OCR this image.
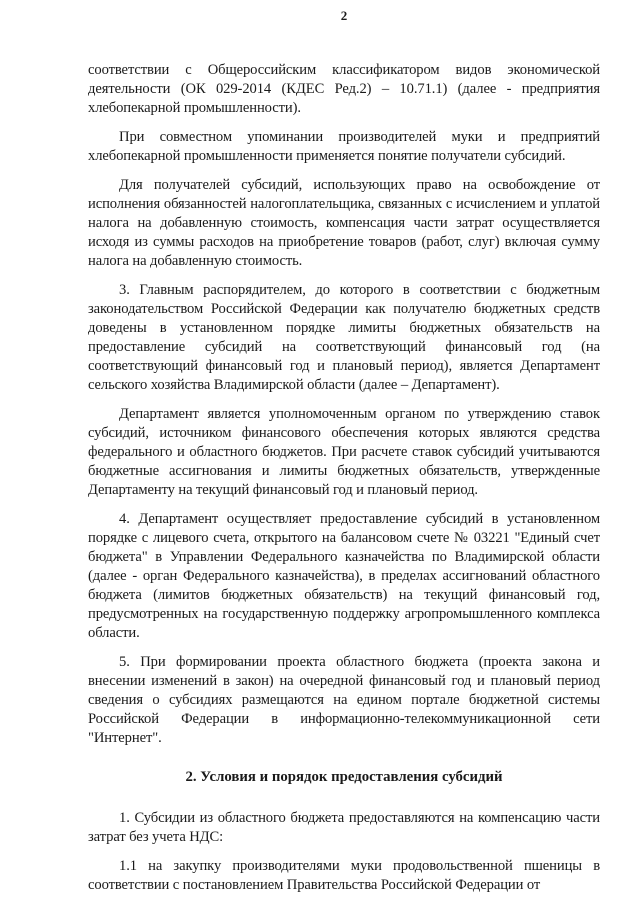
2

соответствии с Общероссийским классификатором видов экономической деятельности (ОК 029-2014 (КДЕС Ред.2) – 10.71.1) (далее - предприятия хлебопекарной промышленности).

При совместном упоминании производителей муки и предприятий хлебопекарной промышленности применяется понятие получатели субсидий.

Для получателей субсидий, использующих право на освобождение от исполнения обязанностей налогоплательщика, связанных с исчислением и уплатой налога на добавленную стоимость, компенсация части затрат осуществляется исходя из суммы расходов на приобретение товаров (работ, слуг) включая сумму налога на добавленную стоимость.

3. Главным распорядителем, до которого в соответствии с бюджетным законодательством Российской Федерации как получателю бюджетных средств доведены в установленном порядке лимиты бюджетных обязательств на предоставление субсидий на соответствующий финансовый год (на соответствующий финансовый год и плановый период), является Департамент сельского хозяйства Владимирской области (далее – Департамент).

Департамент является уполномоченным органом по утверждению ставок субсидий, источником финансового обеспечения которых являются средства федерального и областного бюджетов. При расчете ставок субсидий учитываются бюджетные ассигнования и лимиты бюджетных обязательств, утвержденные Департаменту на текущий финансовый год и плановый период.

4. Департамент осуществляет предоставление субсидий в установленном порядке с лицевого счета, открытого на балансовом счете № 03221 "Единый счет бюджета" в Управлении Федерального казначейства по Владимирской области (далее - орган Федерального казначейства), в пределах ассигнований областного бюджета (лимитов бюджетных обязательств) на текущий финансовый год, предусмотренных на государственную поддержку агропромышленного комплекса области.

5. При формировании проекта областного бюджета (проекта закона и внесении изменений в закон) на очередной финансовый год и плановый период сведения о субсидиях размещаются на едином портале бюджетной системы Российской Федерации в информационно-телекоммуникационной сети "Интернет".

2. Условия и порядок предоставления субсидий

1. Субсидии из областного бюджета предоставляются на компенсацию части затрат без учета НДС:

1.1 на закупку производителями муки продовольственной пшеницы в соответствии с постановлением Правительства Российской Федерации от
